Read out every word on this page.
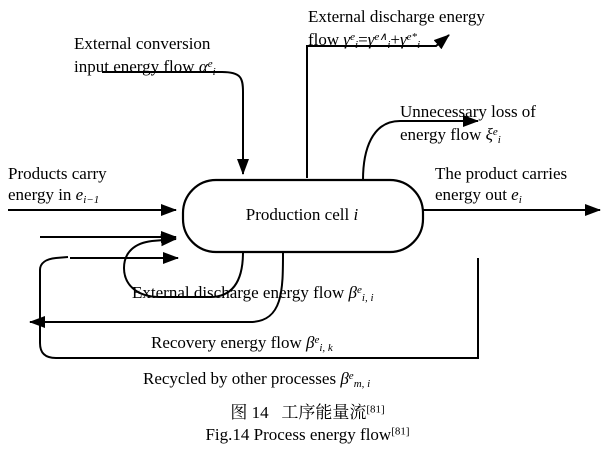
External conversion
input energy flow $\alpha^ei$
External discharge energy
flow $\gamma^ei=\gamma^{e\wedge}i+\gamma^{e*}i$
Unnecessary loss of
energy flow $\xi^ei$
Products carry
energy in ei−1
The product carries
energy out ei
Production cell i
External discharge energy flow $\beta^ei$, i
Recovery energy flow $\beta^ei$, k
Recycled by other processes $\beta^em$, i
图 14 工序能量流[81]
Fig.14 Process energy flow[81]
